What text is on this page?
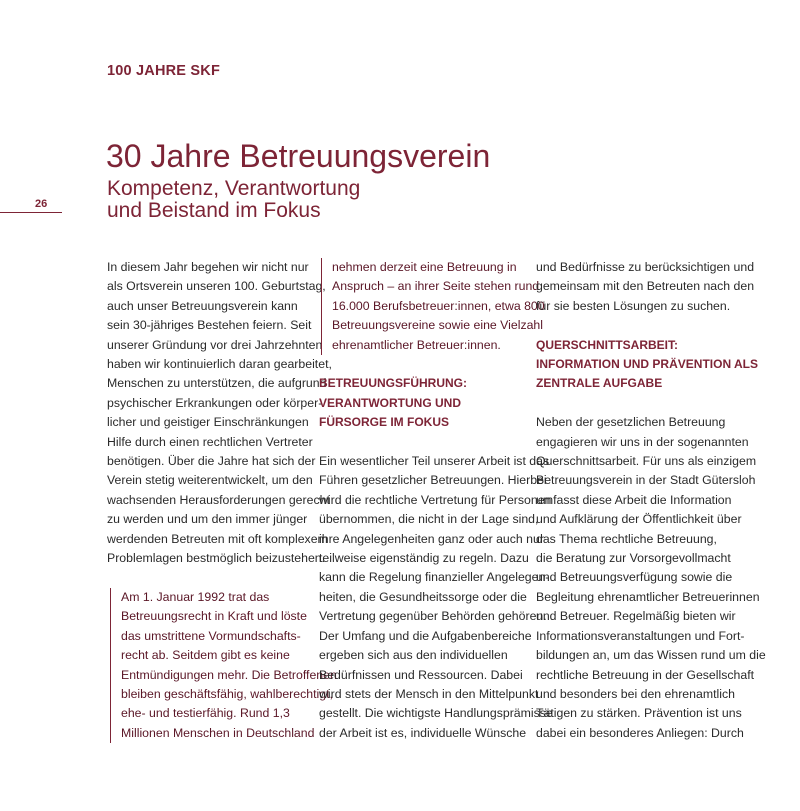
100 JAHRE SKF
30 Jahre Betreuungsverein
Kompetenz, Verantwortung
und Beistand im Fokus
26
In diesem Jahr begehen wir nicht nur
als Ortsverein unseren 100. Geburtstag,
auch unser Betreuungsverein kann
sein 30-jähriges Bestehen feiern. Seit
unserer Gründung vor drei Jahrzehnten
haben wir kontinuierlich daran gearbeitet,
Menschen zu unterstützen, die aufgrund
psychischer Erkrankungen oder körper-
licher und geistiger Einschränkungen
Hilfe durch einen rechtlichen Vertreter
benötigen. Über die Jahre hat sich der
Verein stetig weiterentwickelt, um den
wachsenden Herausforderungen gerecht
zu werden und um den immer jünger
werdenden Betreuten mit oft komplexem
Problemlagen bestmöglich beizustehen.
Am 1. Januar 1992 trat das
Betreuungsrecht in Kraft und löste
das umstrittene Vormundschafts-
recht ab. Seitdem gibt es keine
Entmündigungen mehr. Die Betroffenen
bleiben geschäftsfähig, wahlberechtigt,
ehe- und testierfähig. Rund 1,3
Millionen Menschen in Deutschland
nehmen derzeit eine Betreuung in
Anspruch – an ihrer Seite stehen rund
16.000 Berufsbetreuer:innen, etwa 800
Betreuungsvereine sowie eine Vielzahl
ehrenamtlicher Betreuer:innen.
BETREUUNGSFÜHRUNG:
VERANTWORTUNG UND
FÜRSORGE IM FOKUS
Ein wesentlicher Teil unserer Arbeit ist das
Führen gesetzlicher Betreuungen. Hierbei
wird die rechtliche Vertretung für Personen
übernommen, die nicht in der Lage sind,
ihre Angelegenheiten ganz oder auch nur
teilweise eigenständig zu regeln. Dazu
kann die Regelung finanzieller Angelegen-
heiten, die Gesundheitssorge oder die
Vertretung gegenüber Behörden gehören.
Der Umfang und die Aufgabenbereiche
ergeben sich aus den individuellen
Bedürfnissen und Ressourcen. Dabei
wird stets der Mensch in den Mittelpunkt
gestellt. Die wichtigste Handlungsprämisse
der Arbeit ist es, individuelle Wünsche
und Bedürfnisse zu berücksichtigen und
gemeinsam mit den Betreuten nach den
für sie besten Lösungen zu suchen.
QUERSCHNITTSARBEIT:
INFORMATION UND PRÄVENTION ALS
ZENTRALE AUFGABE
Neben der gesetzlichen Betreuung
engagieren wir uns in der sogenannten
Querschnittsarbeit. Für uns als einzigem
Betreuungsverein in der Stadt Gütersloh
umfasst diese Arbeit die Information
und Aufklärung der Öffentlichkeit über
das Thema rechtliche Betreuung,
die Beratung zur Vorsorgevollmacht
und Betreuungsverfügung sowie die
Begleitung ehrenamtlicher Betreuerinnen
und Betreuer. Regelmäßig bieten wir
Informationsveranstaltungen und Fort-
bildungen an, um das Wissen rund um die
rechtliche Betreuung in der Gesellschaft
und besonders bei den ehrenamtlich
Tätigen zu stärken. Prävention ist uns
dabei ein besonderes Anliegen: Durch
